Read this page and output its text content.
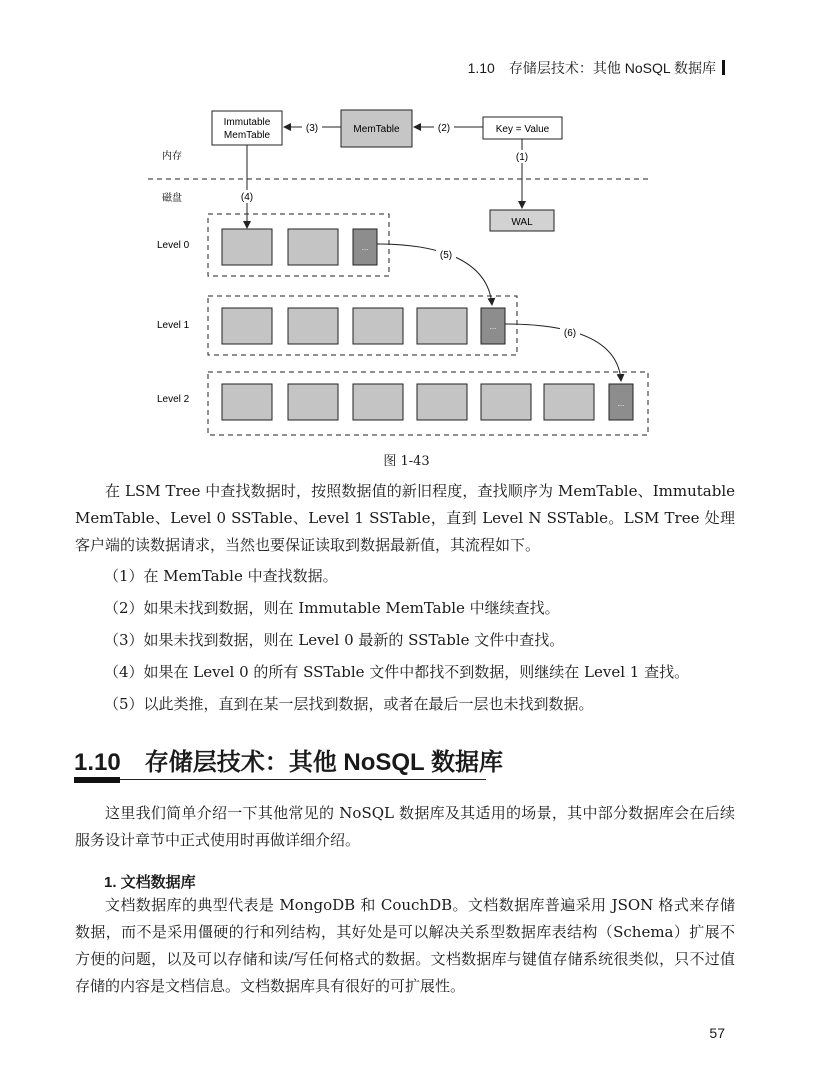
1.10　存储层技术：其他 NoSQL 数据库
Immutable
MemTable
MemTable	Key = Value
(2)
(3)
(1)
WAL
内存
磁盘	(4)
Level 0	...
Level 1	...
Level 2	...
(5)
(6)
图 1-43
在 LSM Tree 中查找数据时，按照数据值的新旧程度，查找顺序为 MemTable、Immutable MemTable、Level 0 SSTable、Level 1 SSTable，直到 Level N SSTable。LSM Tree 处理客户端的读数据请求，当然也要保证读取到数据最新值，其流程如下。
（1）在 MemTable 中查找数据。
（2）如果未找到数据，则在 Immutable MemTable 中继续查找。
（3）如果未找到数据，则在 Level 0 最新的 SSTable 文件中查找。
（4）如果在 Level 0 的所有 SSTable 文件中都找不到数据，则继续在 Level 1 查找。
（5）以此类推，直到在某一层找到数据，或者在最后一层也未找到数据。
1.10　存储层技术：其他 NoSQL 数据库
这里我们简单介绍一下其他常见的 NoSQL 数据库及其适用的场景，其中部分数据库会在后续服务设计章节中正式使用时再做详细介绍。
1. 文档数据库
文档数据库的典型代表是 MongoDB 和 CouchDB。文档数据库普遍采用 JSON 格式来存储数据，而不是采用僵硬的行和列结构，其好处是可以解决关系型数据库表结构（Schema）扩展不方便的问题，以及可以存储和读/写任何格式的数据。文档数据库与键值存储系统很类似，只不过值存储的内容是文档信息。文档数据库具有很好的可扩展性。
57
